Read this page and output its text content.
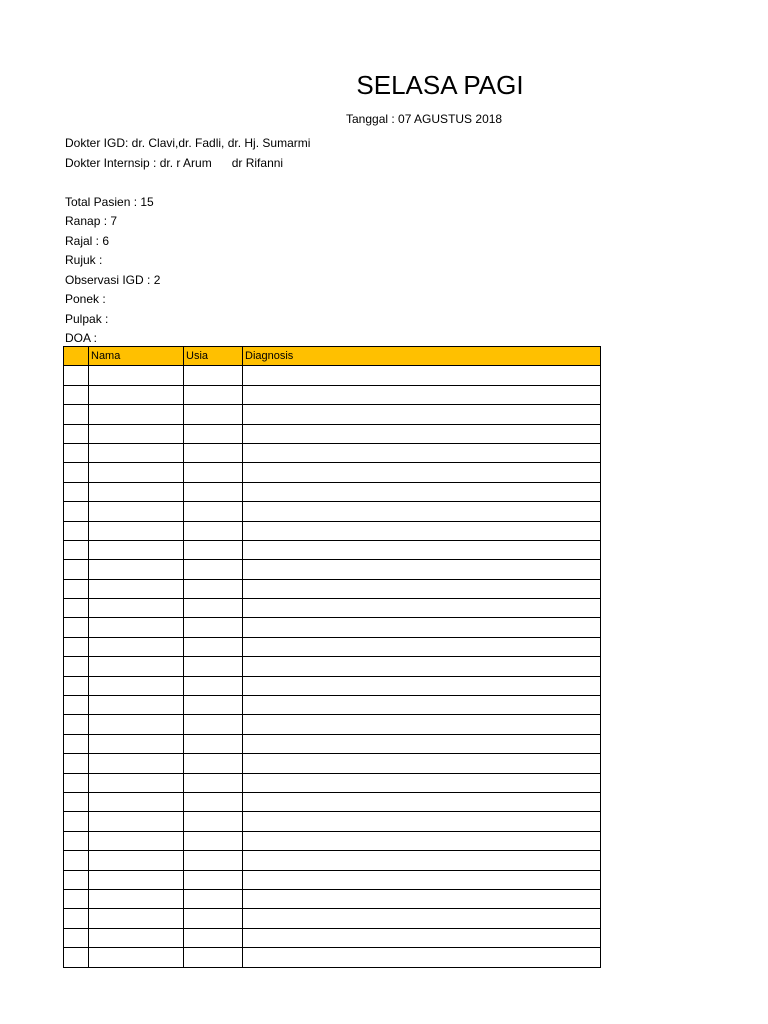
SELASA PAGI
Tanggal : 07 AGUSTUS 2018
Dokter IGD: dr. Clavi,dr. Fadli, dr. Hj. Sumarmi
Dokter Internsip : dr. r Arum dr Rifanni
Total Pasien : 15
Ranap : 7
Rajal : 6
Rujuk :
Observasi IGD : 2
Ponek :
Pulpak :
DOA :
	Nama	Usia	Diagnosis
